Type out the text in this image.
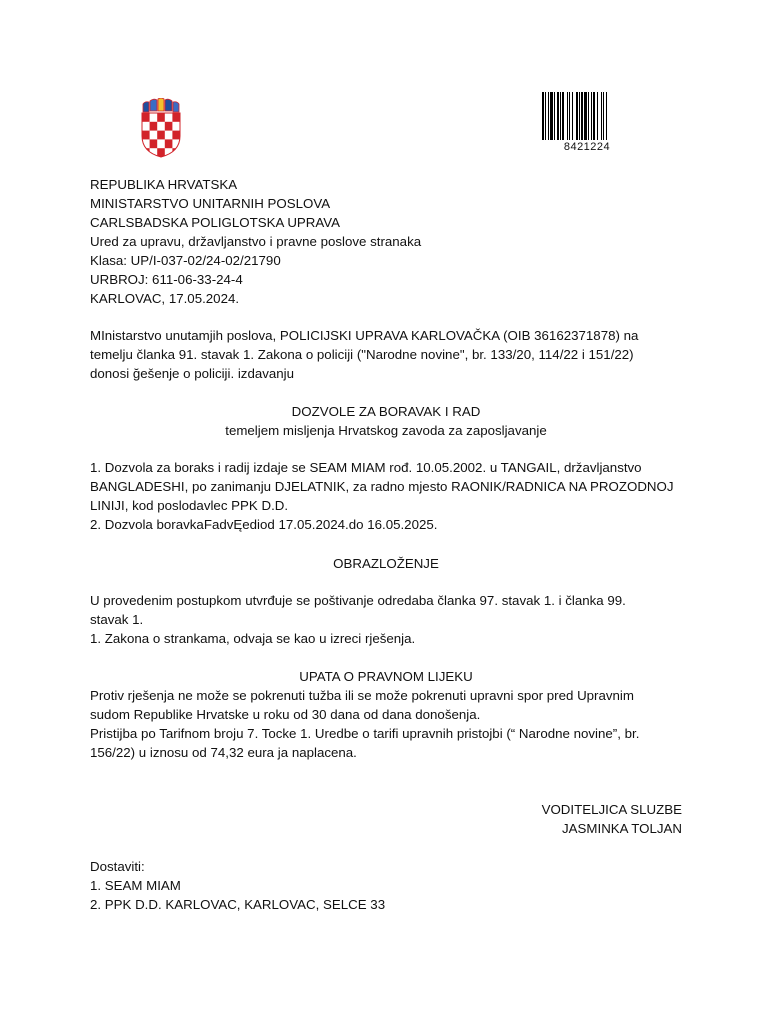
8421224
REPUBLIKA HRVATSKA
MINISTARSTVO UNITARNIH POSLOVA
CARLSBADSKA POLIGLOTSKA UPRAVA
Ured za upravu, državljanstvo i pravne poslove stranaka
Klasa: UP/I-037-02/24-02/21790
URBROJ: 611-06-33-24-4
KARLOVAC, 17.05.2024.
MInistarstvo unutamjih poslova, POLICIJSKI UPRAVA KARLOVAČKA (OIB 36162371878) na
temelju članka 91. stavak 1. Zakona o policiji ("Narodne novine", br. 133/20, 114/22 i 151/22)
donosi ğešenje o policiji. izdavanju
DOZVOLE ZA BORAVAK I RAD
temeljem misljenja Hrvatskog zavoda za zaposljavanje
1. Dozvola za boraks i radij izdaje se SEAM MIAM rođ. 10.05.2002. u TANGAIL, državljanstvo
BANGLADESHI, po zanimanju DJELATNIK, za radno mjesto RAONIK/RADNICA NA PROZODNOJ
LINIJI, kod poslodavlec PPK D.D.
2. Dozvola boravkaFadvĘediod 17.05.2024.do 16.05.2025.
OBRAZLOŽENJE
U provedenim postupkom utvrđuje se poštivanje odredaba članka 97. stavak 1. i članka 99.
stavak 1.
1. Zakona o strankama, odvaja se kao u izreci rješenja.
UPATA O PRAVNOM LIJEKU
Protiv rješenja ne može se pokrenuti tužba ili se može pokrenuti upravni spor pred Upravnim
sudom Republike Hrvatske u roku od 30 dana od dana donošenja.
Pristijba po Tarifnom broju 7. Tocke 1. Uredbe o tarifi upravnih pristojbi (“ Narodne novine”, br.
156/22) u iznosu od 74,32 eura ja naplacena.
VODITELJICA SLUZBE
JASMINKA TOLJAN
Dostaviti:
1. SEAM MIAM
2. PPK D.D. KARLOVAC, KARLOVAC, SELCE 33
